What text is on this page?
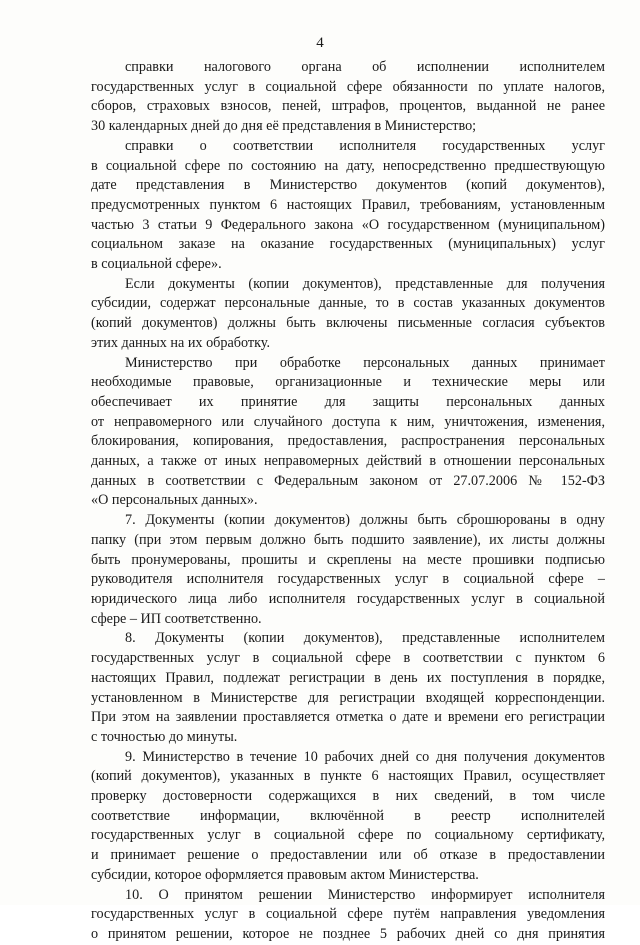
4
справки налогового органа об исполнении исполнителем
государственных услуг в социальной сфере обязанности по уплате налогов,
сборов, страховых взносов, пеней, штрафов, процентов, выданной не ранее
30 календарных дней до дня её представления в Министерство;
справки о соответствии исполнителя государственных услуг
в социальной сфере по состоянию на дату, непосредственно предшествующую
дате представления в Министерство документов (копий документов),
предусмотренных пунктом 6 настоящих Правил, требованиям, установленным
частью 3 статьи 9 Федерального закона «О государственном (муниципальном)
социальном заказе на оказание государственных (муниципальных) услуг
в социальной сфере».
Если документы (копии документов), представленные для получения
субсидии, содержат персональные данные, то в состав указанных документов
(копий документов) должны быть включены письменные согласия субъектов
этих данных на их обработку.
Министерство при обработке персональных данных принимает
необходимые правовые, организационные и технические меры или
обеспечивает их принятие для защиты персональных данных
от неправомерного или случайного доступа к ним, уничтожения, изменения,
блокирования, копирования, предоставления, распространения персональных
данных, а также от иных неправомерных действий в отношении персональных
данных в соответствии с Федеральным законом от 27.07.2006 № 152-ФЗ
«О персональных данных».
7. Документы (копии документов) должны быть сброшюрованы в одну
папку (при этом первым должно быть подшито заявление), их листы должны
быть пронумерованы, прошиты и скреплены на месте прошивки подписью
руководителя исполнителя государственных услуг в социальной сфере –
юридического лица либо исполнителя государственных услуг в социальной
сфере – ИП соответственно.
8. Документы (копии документов), представленные исполнителем
государственных услуг в социальной сфере в соответствии с пунктом 6
настоящих Правил, подлежат регистрации в день их поступления в порядке,
установленном в Министерстве для регистрации входящей корреспонденции.
При этом на заявлении проставляется отметка о дате и времени его регистрации
с точностью до минуты.
9. Министерство в течение 10 рабочих дней со дня получения документов
(копий документов), указанных в пункте 6 настоящих Правил, осуществляет
проверку достоверности содержащихся в них сведений, в том числе
соответствие информации, включённой в реестр исполнителей
государственных услуг в социальной сфере по социальному сертификату,
и принимает решение о предоставлении или об отказе в предоставлении
субсидии, которое оформляется правовым актом Министерства.
10. О принятом решении Министерство информирует исполнителя
государственных услуг в социальной сфере путём направления уведомления
о принятом решении, которое не позднее 5 рабочих дней со дня принятия
